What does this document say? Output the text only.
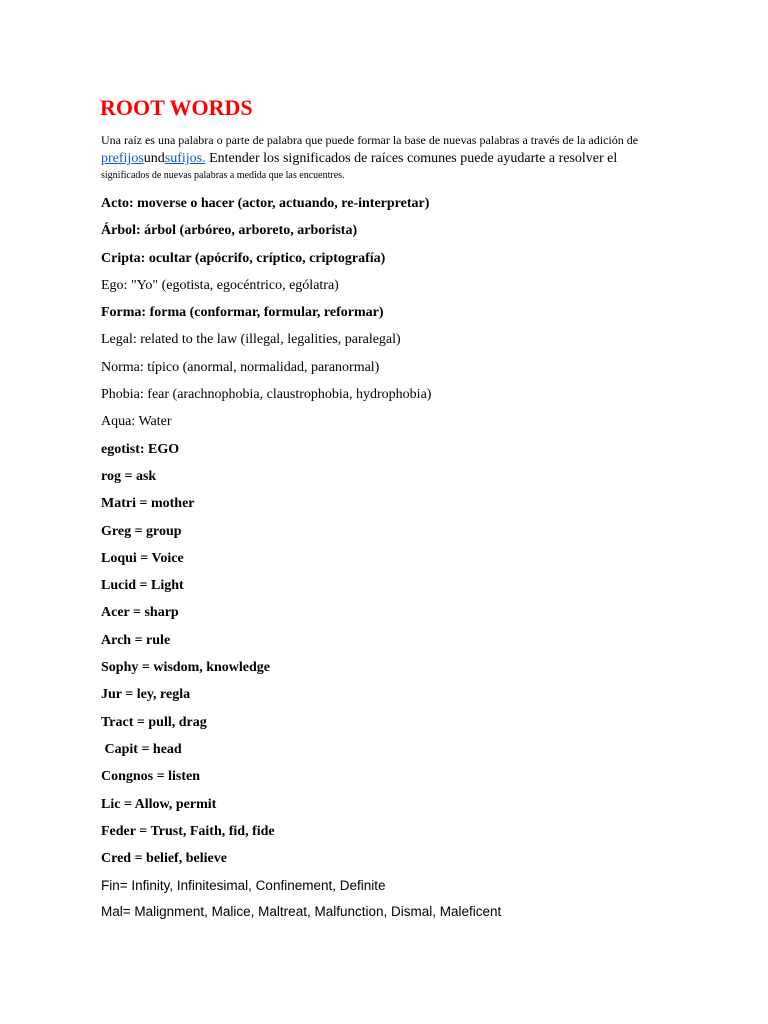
ROOT WORDS
Una raíz es una palabra o parte de palabra que puede formar la base de nuevas palabras a través de la adición de
prefijosundsufijos. Entender los significados de raíces comunes puede ayudarte a resolver el
significados de nuevas palabras a medida que las encuentres.
Acto: moverse o hacer (actor, actuando, re-interpretar)
Árbol: árbol (arbóreo, arboreto, arborista)
Cripta: ocultar (apócrifo, críptico, criptografía)
Ego: "Yo" (egotista, egocéntrico, ególatra)
Forma: forma (conformar, formular, reformar)
Legal: related to the law (illegal, legalities, paralegal)
Norma: típico (anormal, normalidad, paranormal)
Phobia: fear (arachnophobia, claustrophobia, hydrophobia)
Aqua: Water
egotist: EGO
rog = ask
Matri = mother
Greg = group
Loqui = Voice
Lucid = Light
Acer = sharp
Arch = rule
Sophy = wisdom, knowledge
Jur = ley, regla
Tract = pull, drag
Capit = head
Congnos = listen
Lic = Allow, permit
Feder = Trust, Faith, fid, fide
Cred = belief, believe
Fin= Infinity, Infinitesimal, Confinement, Definite
Mal= Malignment, Malice, Maltreat, Malfunction, Dismal, Maleficent
